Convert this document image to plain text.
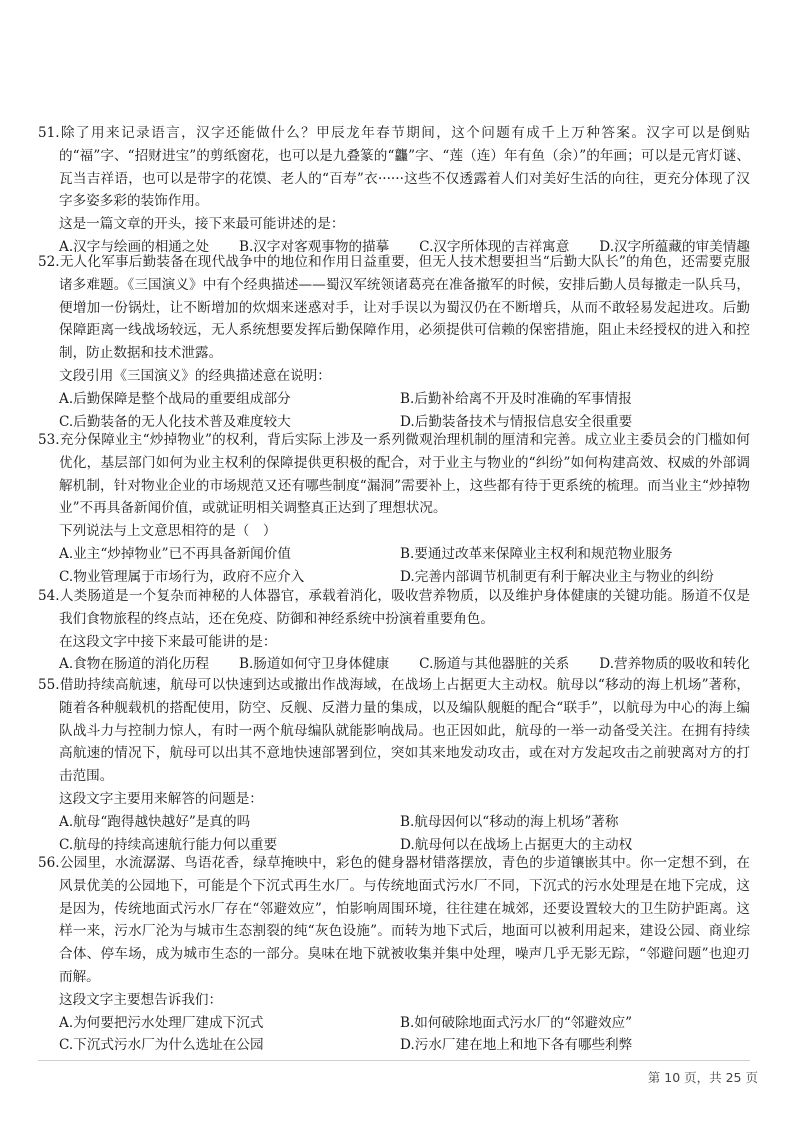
51.除了用来记录语言，汉字还能做什么？甲辰龙年春节期间，这个问题有成千上万种答案。汉字可以是倒贴的“福”字、“招财进宝”的剪纸窗花，也可以是九叠篆的“龘”字、“莲（连）年有鱼（余）”的年画；可以是元宵灯谜、瓦当吉祥语，也可以是带字的花馍、老人的“百寿”衣······这些不仅透露着人们对美好生活的向往，更充分体现了汉字多姿多彩的装饰作用。
这是一篇文章的开头，接下来最可能讲述的是：
A.汉字与绘画的相通之处 B.汉字对客观事物的描摹 C.汉字所体现的吉祥寓意 D.汉字所蕴藏的审美情趣
52.无人化军事后勤装备在现代战争中的地位和作用日益重要，但无人技术想要担当“后勤大队长”的角色，还需要克服诸多难题。《三国演义》中有个经典描述——蜀汉军统领诸葛亮在准备撤军的时候，安排后勤人员每撤走一队兵马，便增加一份锅灶，让不断增加的炊烟来迷惑对手，让对手误以为蜀汉仍在不断增兵，从而不敢轻易发起进攻。后勤保障距离一线战场较远，无人系统想要发挥后勤保障作用，必须提供可信赖的保密措施，阻止未经授权的进入和控制，防止数据和技术泄露。
文段引用《三国演义》的经典描述意在说明：
A.后勤保障是整个战局的重要组成部分	B.后勤补给离不开及时准确的军事情报
C.后勤装备的无人化技术普及难度较大	D.后勤装备技术与情报信息安全很重要
53.充分保障业主“炒掉物业”的权利，背后实际上涉及一系列微观治理机制的厘清和完善。成立业主委员会的门槛如何优化，基层部门如何为业主权利的保障提供更积极的配合，对于业主与物业的“纠纷”如何构建高效、权威的外部调解机制，针对物业企业的市场规范又还有哪些制度“漏洞”需要补上，这些都有待于更系统的梳理。而当业主“炒掉物业”不再具备新闻价值，或就证明相关调整真正达到了理想状况。
下列说法与上文意思相符的是（　）
A.业主“炒掉物业”已不再具备新闻价值	B.要通过改革来保障业主权利和规范物业服务
C.物业管理属于市场行为，政府不应介入	D.完善内部调节机制更有利于解决业主与物业的纠纷
54.人类肠道是一个复杂而神秘的人体器官，承载着消化，吸收营养物质，以及维护身体健康的关键功能。肠道不仅是我们食物旅程的终点站，还在免疫、防御和神经系统中扮演着重要角色。
在这段文字中接下来最可能讲的是：
A.食物在肠道的消化历程 B.肠道如何守卫身体健康 C.肠道与其他器脏的关系 D.营养物质的吸收和转化
55.借助持续高航速，航母可以快速到达或撤出作战海域，在战场上占据更大主动权。航母以“移动的海上机场”著称，随着各种舰载机的搭配使用，防空、反舰、反潜力量的集成，以及编队舰艇的配合“联手”，以航母为中心的海上编队战斗力与控制力惊人，有时一两个航母编队就能影响战局。也正因如此，航母的一举一动备受关注。在拥有持续高航速的情况下，航母可以出其不意地快速部署到位，突如其来地发动攻击，或在对方发起攻击之前驶离对方的打击范围。
这段文字主要用来解答的问题是：
A.航母“跑得越快越好”是真的吗	B.航母因何以“移动的海上机场”著称
C.航母的持续高速航行能力何以重要	D.航母何以在战场上占据更大的主动权
56.公园里，水流潺潺、鸟语花香，绿草掩映中，彩色的健身器材错落摆放，青色的步道镶嵌其中。你一定想不到，在风景优美的公园地下，可能是个下沉式再生水厂。与传统地面式污水厂不同，下沉式的污水处理是在地下完成，这是因为，传统地面式污水厂存在“邻避效应”，怕影响周围环境，往往建在城郊，还要设置较大的卫生防护距离。这样一来，污水厂沦为与城市生态割裂的纯“灰色设施”。而转为地下式后，地面可以被利用起来，建设公园、商业综合体、停车场，成为城市生态的一部分。臭味在地下就被收集并集中处理，噪声几乎无影无踪，“邻避问题”也迎刃而解。
这段文字主要想告诉我们：
A.为何要把污水处理厂建成下沉式	B.如何破除地面式污水厂的“邻避效应”
C.下沉式污水厂为什么选址在公园	D.污水厂建在地上和地下各有哪些利弊
第 10 页，共 25 页
